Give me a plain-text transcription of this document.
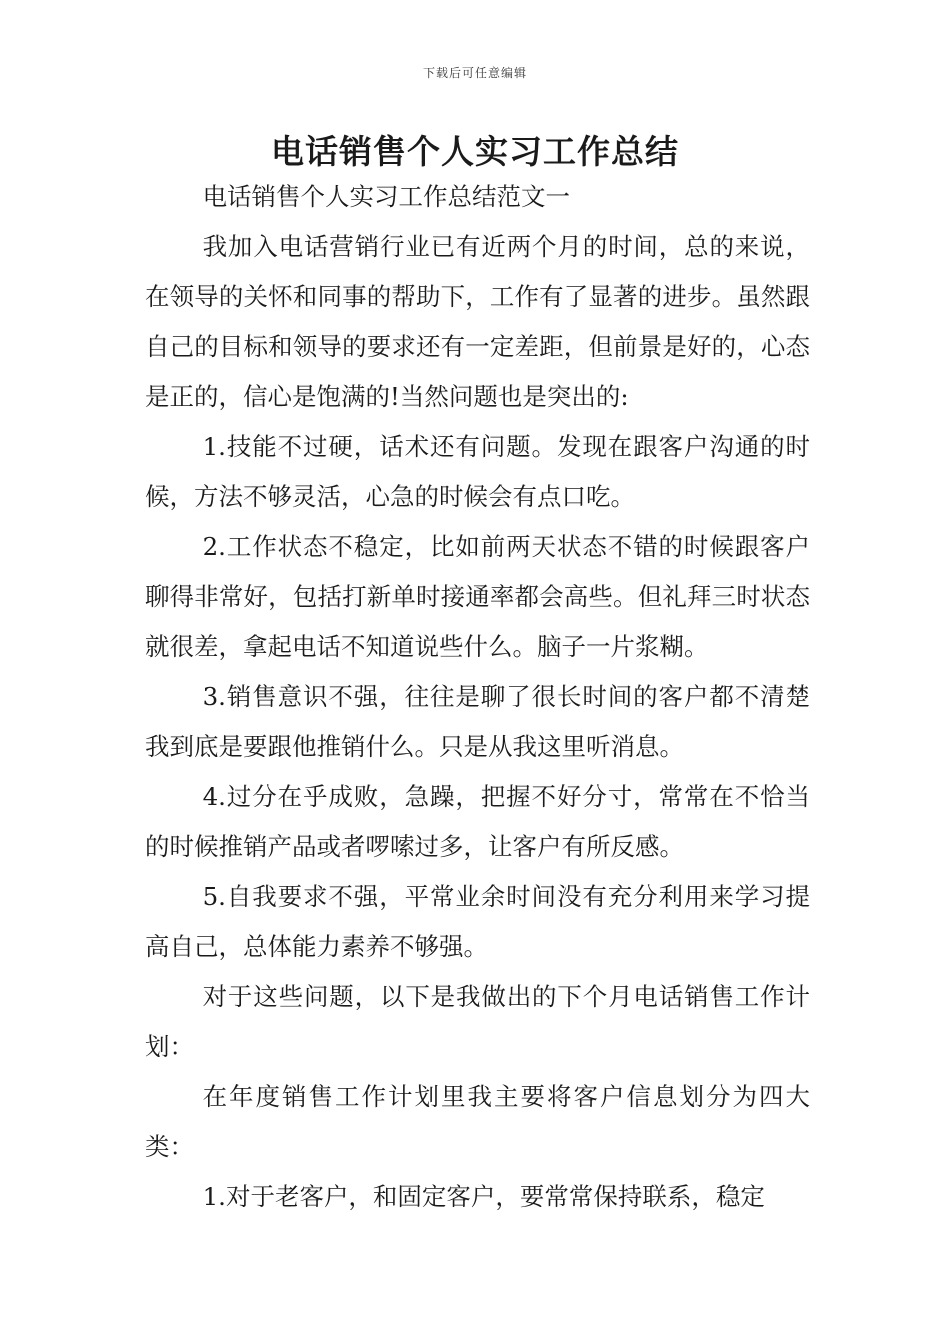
下载后可任意编辑
电话销售个人实习工作总结

电话销售个人实习工作总结范文一

我加入电话营销行业已有近两个月的时间，总的来说，在领导的关怀和同事的帮助下，工作有了显著的进步。虽然跟自己的目标和领导的要求还有一定差距，但前景是好的，心态是正的，信心是饱满的!当然问题也是突出的:

1.技能不过硬，话术还有问题。发现在跟客户沟通的时候，方法不够灵活，心急的时候会有点口吃。

2.工作状态不稳定，比如前两天状态不错的时候跟客户聊得非常好，包括打新单时接通率都会高些。但礼拜三时状态就很差，拿起电话不知道说些什么。脑子一片浆糊。

3.销售意识不强，往往是聊了很长时间的客户都不清楚我到底是要跟他推销什么。只是从我这里听消息。

4.过分在乎成败，急躁，把握不好分寸，常常在不恰当的时候推销产品或者啰嗦过多，让客户有所反感。

5.自我要求不强，平常业余时间没有充分利用来学习提高自己，总体能力素养不够强。

对于这些问题，以下是我做出的下个月电话销售工作计划：

在年度销售工作计划里我主要将客户信息划分为四大类：

1.对于老客户，和固定客户，要常常保持联系，稳定
